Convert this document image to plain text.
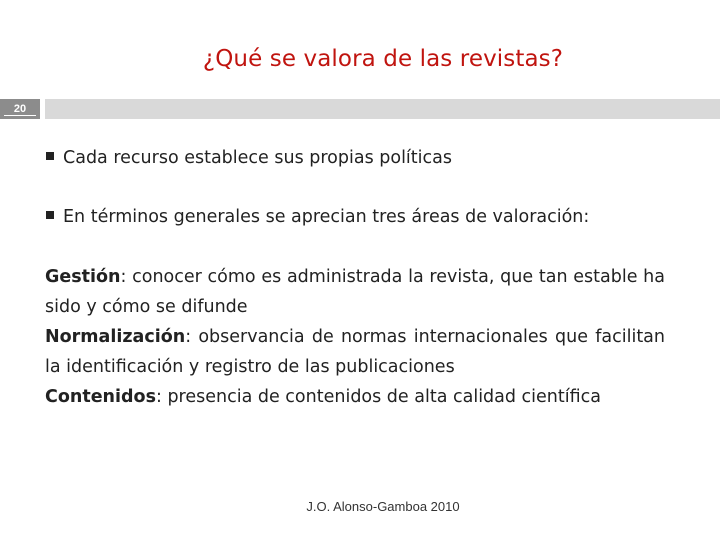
¿Qué se valora de las revistas?
20
Cada recurso establece sus propias políticas
En términos generales se aprecian tres áreas de valoración:

Gestión: conocer cómo es administrada la revista, que tan estable ha sido y cómo se difunde

Normalización: observancia de normas internacionales que facilitan la identificación y registro de las publicaciones

Contenidos: presencia de contenidos de alta calidad científica

J.O. Alonso-Gamboa 2010
